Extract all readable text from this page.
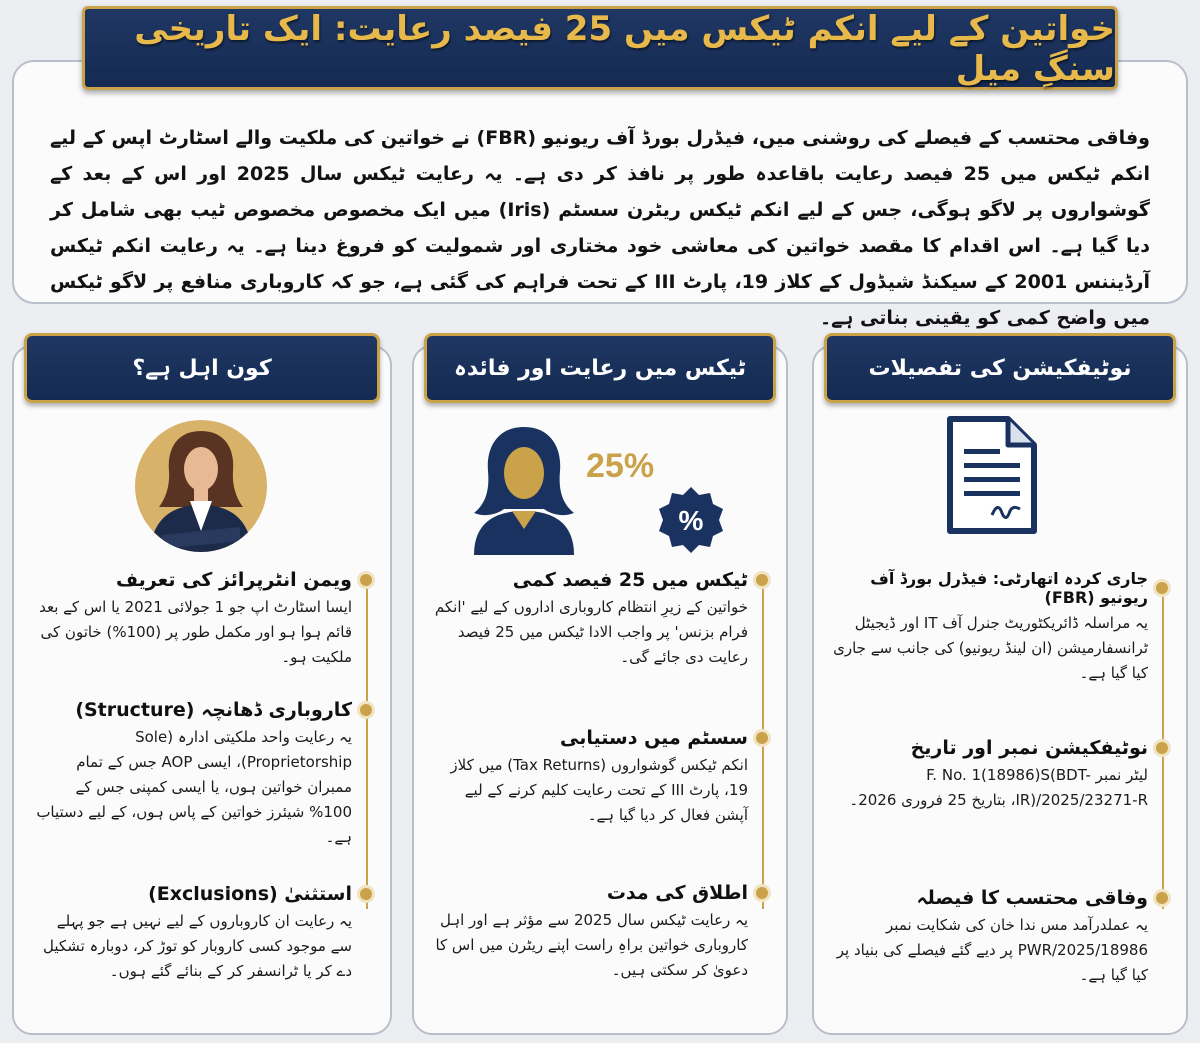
وفاقی محتسب کے فیصلے کی روشنی میں، فیڈرل بورڈ آف ریونیو (FBR) نے خواتین کی ملکیت والے اسٹارٹ اپس کے لیے انکم ٹیکس میں 25 فیصد رعایت باقاعدہ طور پر نافذ کر دی ہے۔ یہ رعایت ٹیکس سال 2025 اور اس کے بعد کے گوشواروں پر لاگو ہوگی، جس کے لیے انکم ٹیکس ریٹرن سسٹم (Iris) میں ایک مخصوص مخصوص ٹیب بھی شامل کر دیا گیا ہے۔ اس اقدام کا مقصد خواتین کی معاشی خود مختاری اور شمولیت کو فروغ دینا ہے۔ یہ رعایت انکم ٹیکس آرڈیننس 2001 کے سیکنڈ شیڈول کے کلاز 19، پارٹ III کے تحت فراہم کی گئی ہے، جو کہ کاروباری منافع پر لاگو ٹیکس میں واضح کمی کو یقینی بناتی ہے۔

خواتین کے لیے انکم ٹیکس میں 25 فیصد رعایت: ایک تاریخی سنگِ میل
نوٹیفکیشن کی تفصیلات
جاری کردہ اتھارٹی: فیڈرل بورڈ آف ریونیو (FBR)
یہ مراسلہ ڈائریکٹوریٹ جنرل آف IT اور ڈیجیٹل ٹرانسفارمیشن (ان لینڈ ریونیو) کی جانب سے جاری کیا گیا ہے۔
نوٹیفکیشن نمبر اور تاریخ
لیٹر نمبر F. No. 1(18986)S(BDT-IR)/2025/23271-R، بتاریخ 25 فروری 2026۔
وفاقی محتسب کا فیصلہ
یہ عملدرآمد مس ندا خان کی شکایت نمبر 18986/PWR/2025 پر دیے گئے فیصلے کی بنیاد پر کیا گیا ہے۔
ٹیکس میں رعایت اور فائدہ
25%
%
ٹیکس میں 25 فیصد کمی
خواتین کے زیرِ انتظام کاروباری اداروں کے لیے 'انکم فرام بزنس' پر واجب الادا ٹیکس میں 25 فیصد رعایت دی جائے گی۔
سسٹم میں دستیابی
انکم ٹیکس گوشواروں (Tax Returns) میں کلاز 19، پارٹ III کے تحت رعایت کلیم کرنے کے لیے آپشن فعال کر دیا گیا ہے۔
اطلاق کی مدت
یہ رعایت ٹیکس سال 2025 سے مؤثر ہے اور اہل کاروباری خواتین براہِ راست اپنے ریٹرن میں اس کا دعویٰ کر سکتی ہیں۔
کون اہل ہے؟
ویمن انٹرپرائز کی تعریف
ایسا اسٹارٹ اپ جو 1 جولائی 2021 یا اس کے بعد قائم ہوا ہو اور مکمل طور پر (100%) خاتون کی ملکیت ہو۔
کاروباری ڈھانچہ (Structure)
یہ رعایت واحد ملکیتی ادارہ (Sole Proprietorship)، ایسی AOP جس کے تمام ممبران خواتین ہوں، یا ایسی کمپنی جس کے 100% شیئرز خواتین کے پاس ہوں، کے لیے دستیاب ہے۔
استثنیٰ (Exclusions)
یہ رعایت ان کاروباروں کے لیے نہیں ہے جو پہلے سے موجود کسی کاروبار کو توڑ کر، دوبارہ تشکیل دے کر یا ٹرانسفر کر کے بنائے گئے ہوں۔
